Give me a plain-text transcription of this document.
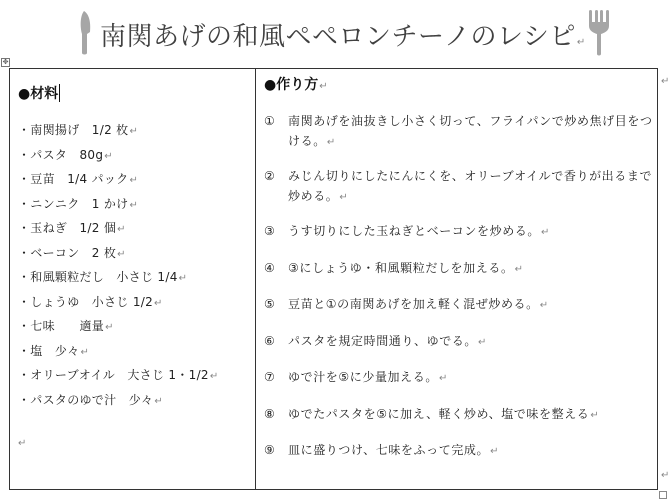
南関あげの和風ペペロンチーノのレシピ↵
✥
●材料
・南関揚げ　1/2 枚↵
・パスタ　80g↵
・豆苗　1/4 パック↵
・ニンニク　1 かけ↵
・玉ねぎ　1/2 個↵
・ベーコン　2 枚↵
・和風顆粒だし　小さじ 1/4↵
・しょうゆ　小さじ 1/2↵
・七味　　適量↵
・塩　少々↵
・オリーブオイル　大さじ 1・1/2↵
・パスタのゆで汁　少々↵
↵
●作り方↵
①	南関あげを油抜きし小さく切って、フライパンで炒め焦げ目をつける。↵
②	みじん切りにしたにんにくを、オリーブオイルで香りが出るまで炒める。↵
③	うす切りにした玉ねぎとベーコンを炒める。↵
④	③にしょうゆ・和風顆粒だしを加える。↵
⑤	豆苗と①の南関あげを加え軽く混ぜ炒める。↵
⑥	パスタを規定時間通り、ゆでる。↵
⑦	ゆで汁を⑤に少量加える。↵
⑧	ゆでたパスタを⑤に加え、軽く炒め、塩で味を整える↵
⑨	皿に盛りつけ、七味をふって完成。↵
↵
↵
